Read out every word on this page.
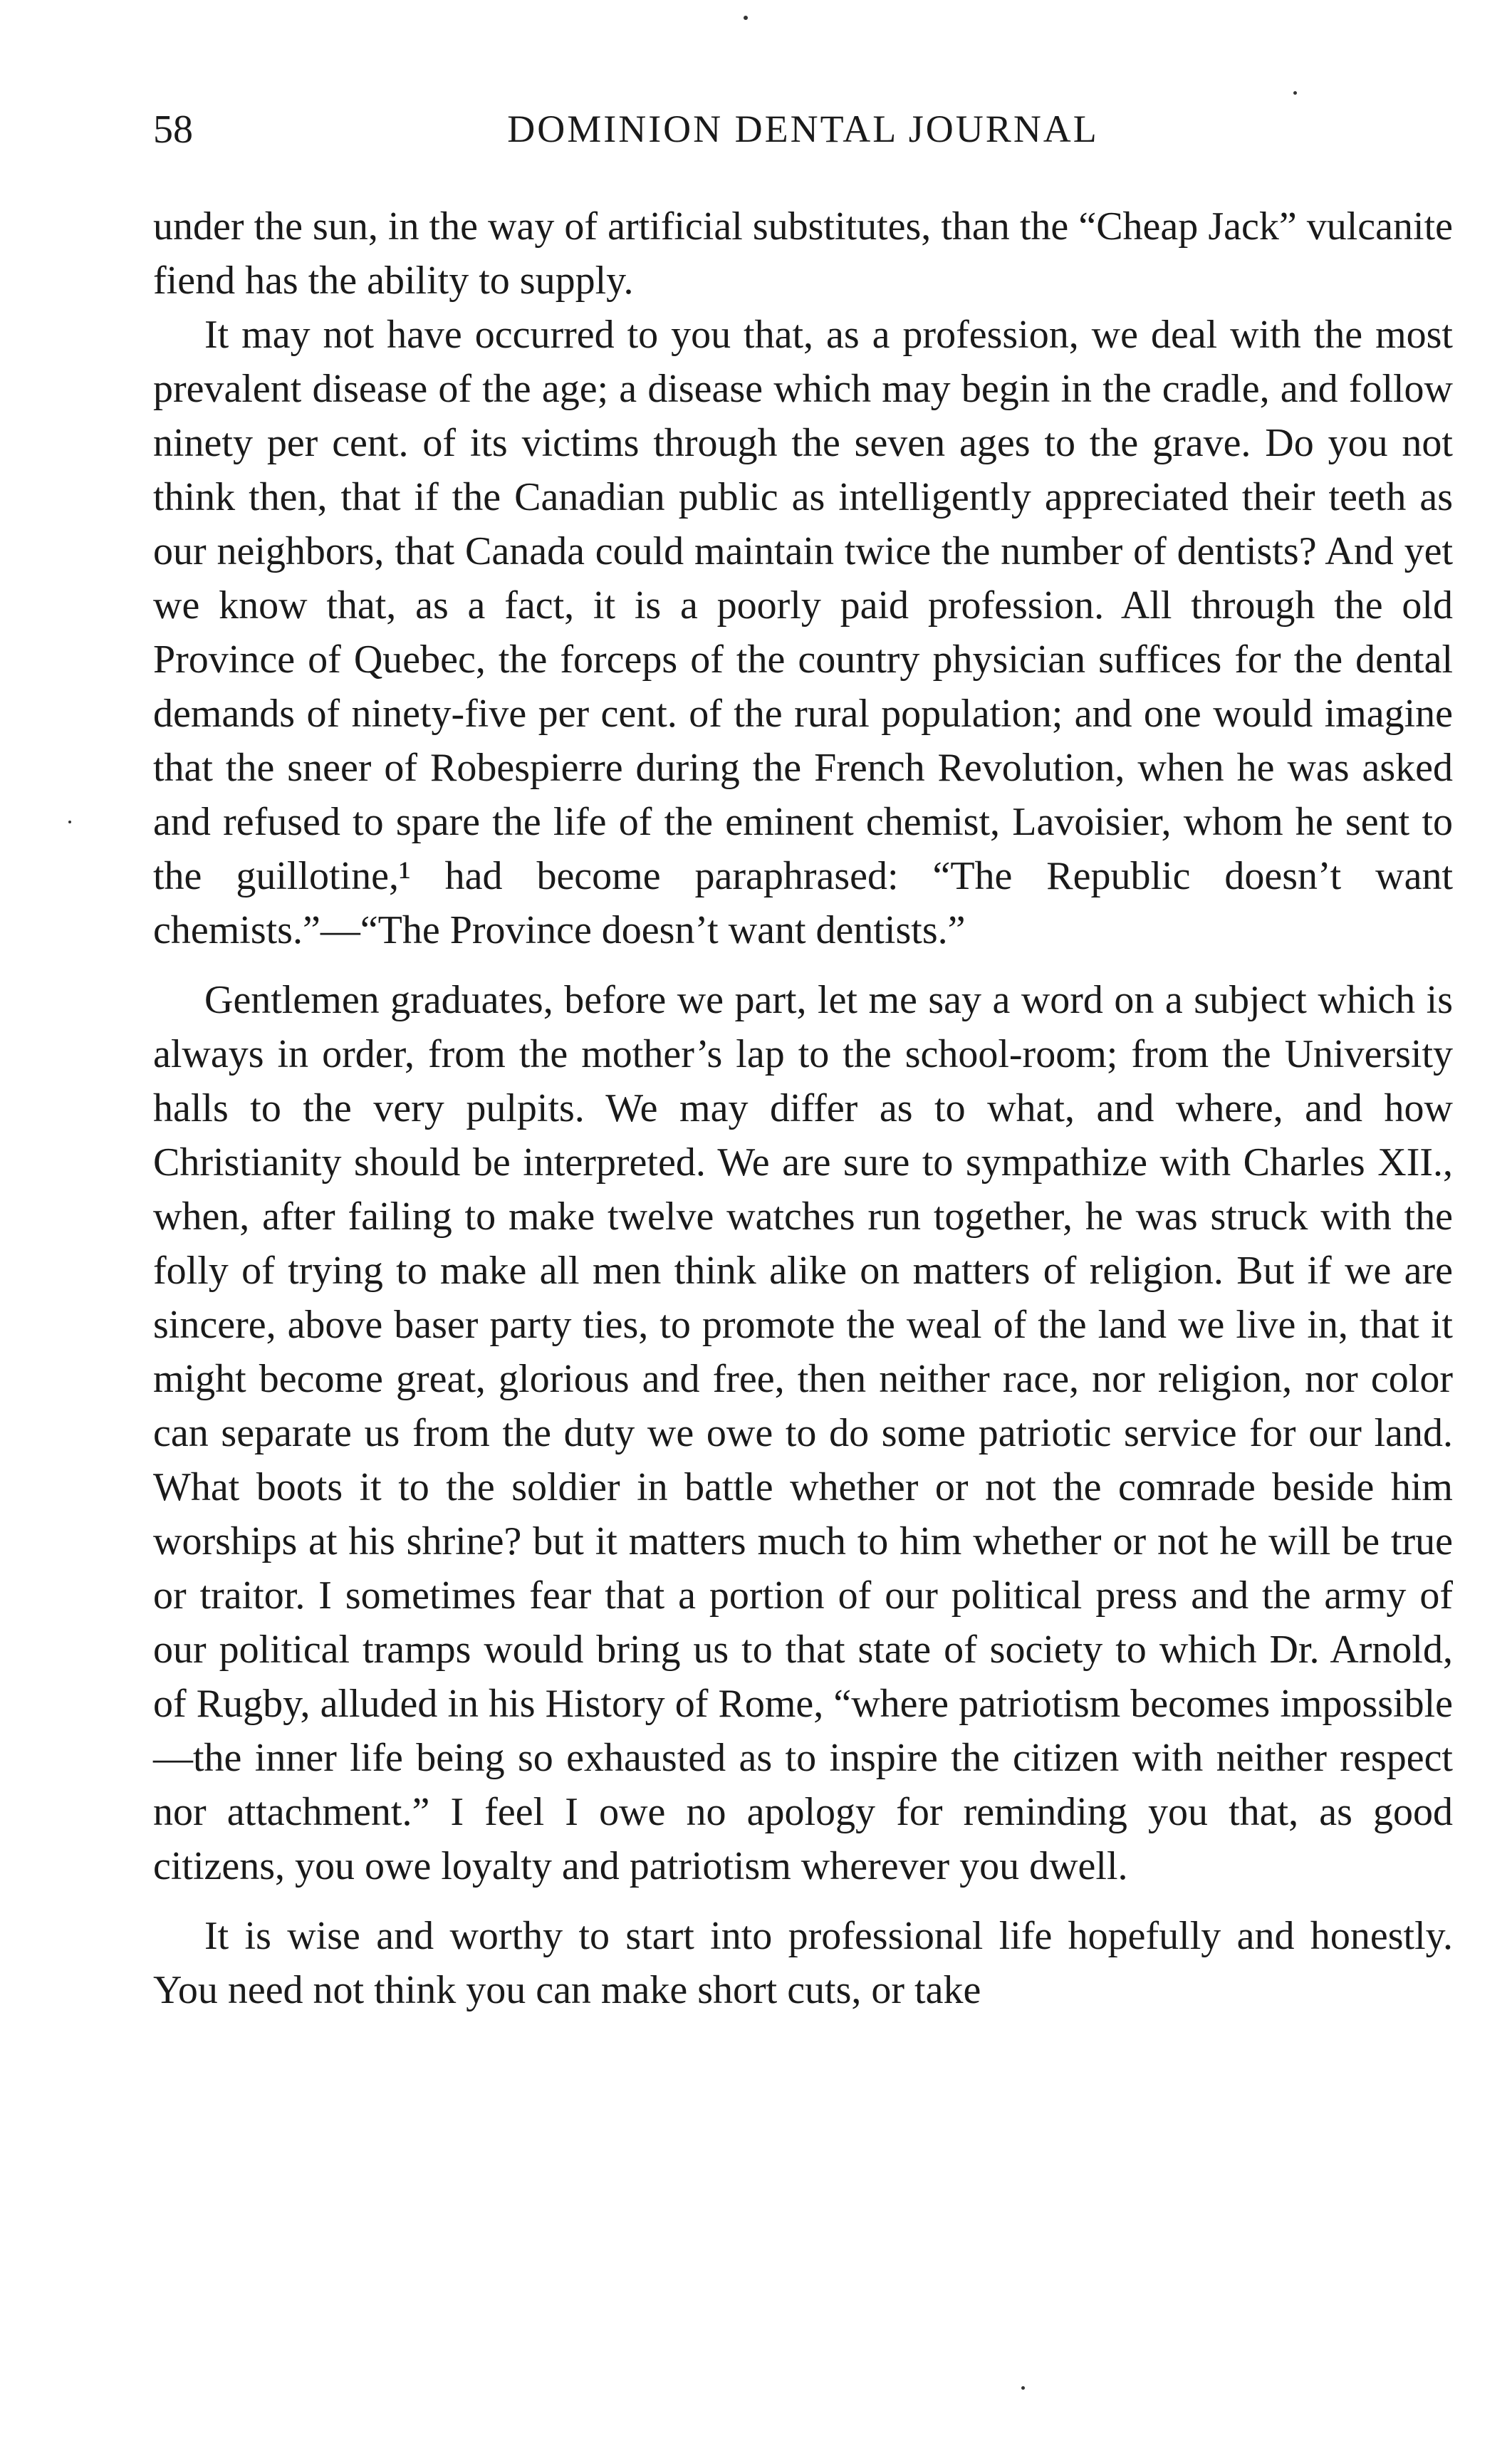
58	DOMINION DENTAL JOURNAL

under the sun, in the way of artificial substitutes, than the “Cheap Jack” vulcanite fiend has the ability to supply.

It may not have occurred to you that, as a profession, we deal with the most prevalent disease of the age; a disease which may begin in the cradle, and follow ninety per cent. of its victims through the seven ages to the grave. Do you not think then, that if the Canadian public as intelligently appreciated their teeth as our neighbors, that Canada could maintain twice the number of dentists? And yet we know that, as a fact, it is a poorly paid profession. All through the old Province of Quebec, the forceps of the country physician suffices for the dental demands of ninety-five per cent. of the rural population; and one would imagine that the sneer of Robespierre during the French Revolution, when he was asked and refused to spare the life of the eminent chemist, Lavoisier, whom he sent to the guillotine,¹ had become paraphrased: “The Republic doesn’t want chemists.”—“The Province doesn’t want dentists.”

Gentlemen graduates, before we part, let me say a word on a subject which is always in order, from the mother’s lap to the school-room; from the University halls to the very pulpits. We may differ as to what, and where, and how Christianity should be interpreted. We are sure to sympathize with Charles XII., when, after failing to make twelve watches run together, he was struck with the folly of trying to make all men think alike on matters of religion. But if we are sincere, above baser party ties, to promote the weal of the land we live in, that it might become great, glorious and free, then neither race, nor religion, nor color can separate us from the duty we owe to do some patriotic service for our land. What boots it to the soldier in battle whether or not the comrade beside him worships at his shrine? but it matters much to him whether or not he will be true or traitor. I sometimes fear that a portion of our political press and the army of our political tramps would bring us to that state of society to which Dr. Arnold, of Rugby, alluded in his History of Rome, “where patriotism becomes impossible—the inner life being so exhausted as to inspire the citizen with neither respect nor attachment.” I feel I owe no apology for reminding you that, as good citizens, you owe loyalty and patriotism wherever you dwell.

It is wise and worthy to start into professional life hopefully and honestly. You need not think you can make short cuts, or take
